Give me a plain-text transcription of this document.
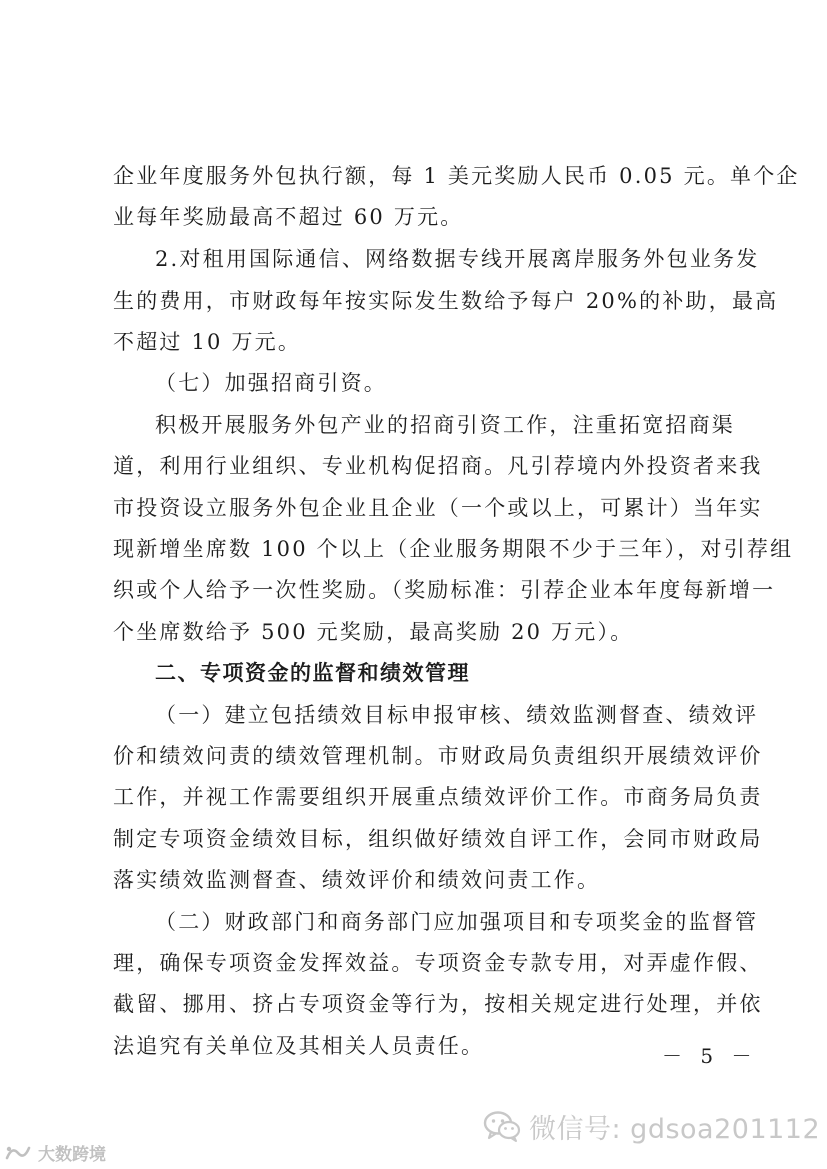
企业年度服务外包执行额，每 1 美元奖励人民币 0.05 元。单个企
业每年奖励最高不超过 60 万元。
2.对租用国际通信、网络数据专线开展离岸服务外包业务发
生的费用，市财政每年按实际发生数给予每户 20%的补助，最高
不超过 10 万元。
（七）加强招商引资。
积极开展服务外包产业的招商引资工作，注重拓宽招商渠
道，利用行业组织、专业机构促招商。凡引荐境内外投资者来我
市投资设立服务外包企业且企业（一个或以上，可累计）当年实
现新增坐席数 100 个以上（企业服务期限不少于三年），对引荐组
织或个人给予一次性奖励。（奖励标准：引荐企业本年度每新增一
个坐席数给予 500 元奖励，最高奖励 20 万元）。
二、专项资金的监督和绩效管理
（一）建立包括绩效目标申报审核、绩效监测督查、绩效评
价和绩效问责的绩效管理机制。市财政局负责组织开展绩效评价
工作，并视工作需要组织开展重点绩效评价工作。市商务局负责
制定专项资金绩效目标，组织做好绩效自评工作，会同市财政局
落实绩效监测督查、绩效评价和绩效问责工作。
（二）财政部门和商务部门应加强项目和专项奖金的监督管
理，确保专项资金发挥效益。专项资金专款专用，对弄虚作假、
截留、挪用、挤占专项资金等行为，按相关规定进行处理，并依
法追究有关单位及其相关人员责任。	－ 5 －
微信号: gdsoa201112
大数跨境
